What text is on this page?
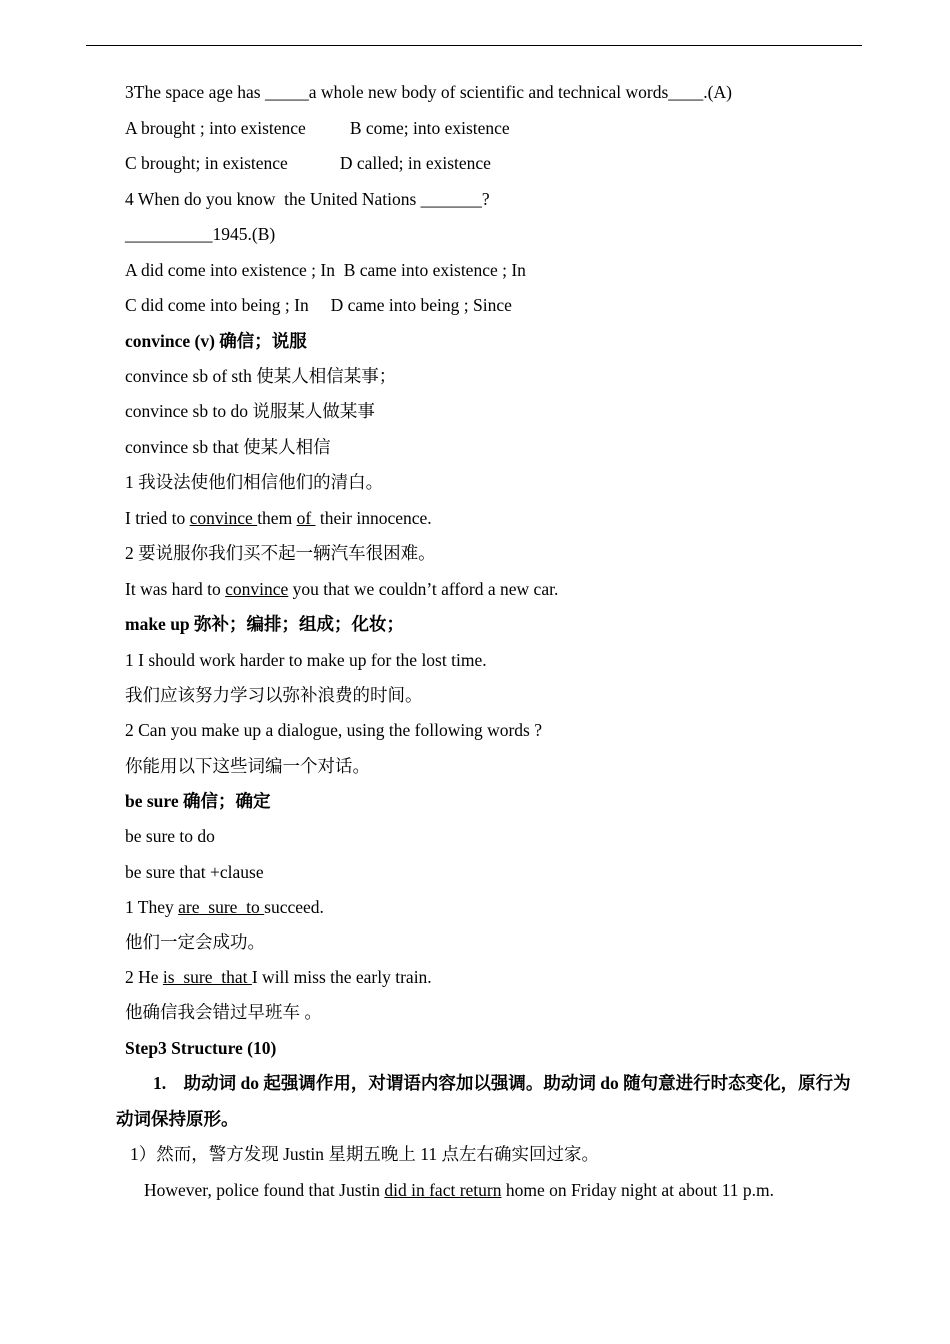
3The space age has _____a whole new body of scientific and technical words____.(A)
A brought ; into existence	B come; into existence
C brought; in existence	D called; in existence
4 When do you know  the United Nations _______?
__________1945.(B)
A did come into existence ; In  B came into existence ; In
C did come into being ; In     D came into being ; Since
convince (v) 确信；说服
convince sb of sth 使某人相信某事；
convince sb to do 说服某人做某事
convince sb that 使某人相信
1 我设法使他们相信他们的清白。
I tried to convince them of  their innocence.
2 要说服你我们买不起一辆汽车很困难。
It was hard to convince you that we couldn’t afford a new car.
make up 弥补；编排；组成；化妆；
1 I should work harder to make up for the lost time.
我们应该努力学习以弥补浪费的时间。
2 Can you make up a dialogue, using the following words ?
你能用以下这些词编一个对话。
be sure 确信；确定
be sure to do
be sure that +clause
1 They are  sure  to succeed.
他们一定会成功。
2 He is  sure  that I will miss the early train.
他确信我会错过早班车 。
Step3 Structure (10)
1.    助动词 do 起强调作用，对谓语内容加以强调。助动词 do 随句意进行时态变化，原行为
动词保持原形。
1）然而，警方发现 Justin 星期五晚上 11 点左右确实回过家。
However, police found that Justin did in fact return home on Friday night at about 11 p.m.
